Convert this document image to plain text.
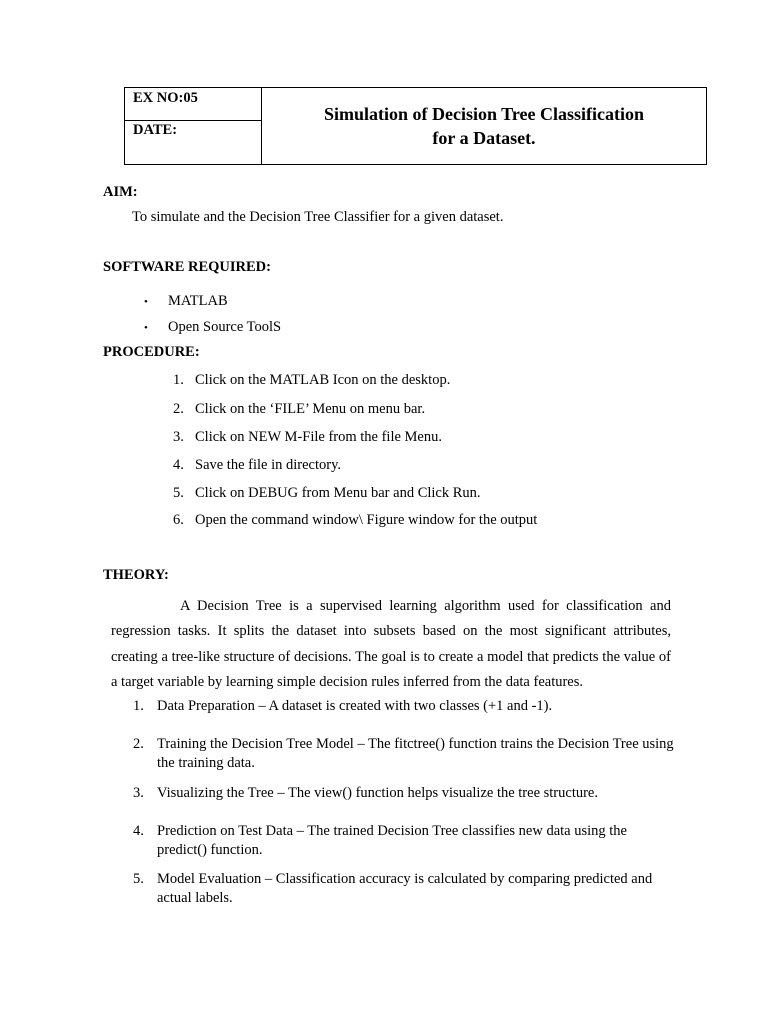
EX NO:05
DATE:
Simulation of Decision Tree Classification
for a Dataset.
AIM:
To simulate and the Decision Tree Classifier for a given dataset.
SOFTWARE REQUIRED:
• MATLAB
• Open Source ToolS
PROCEDURE:
1. Click on the MATLAB Icon on the desktop.
2. Click on the ‘FILE’ Menu on menu bar.
3. Click on NEW M-File from the file Menu.
4. Save the file in directory.
5. Click on DEBUG from Menu bar and Click Run.
6. Open the command window\ Figure window for the output
THEORY:
A Decision Tree is a supervised learning algorithm used for classification and regression tasks. It splits the dataset into subsets based on the most significant attributes, creating a tree-like structure of decisions. The goal is to create a model that predicts the value of a target variable by learning simple decision rules inferred from the data features.
1. Data Preparation – A dataset is created with two classes (+1 and -1).
2. Training the Decision Tree Model – The fitctree() function trains the Decision Tree using the training data.
3. Visualizing the Tree – The view() function helps visualize the tree structure.
4. Prediction on Test Data – The trained Decision Tree classifies new data using the predict() function.
5. Model Evaluation – Classification accuracy is calculated by comparing predicted and actual labels.
